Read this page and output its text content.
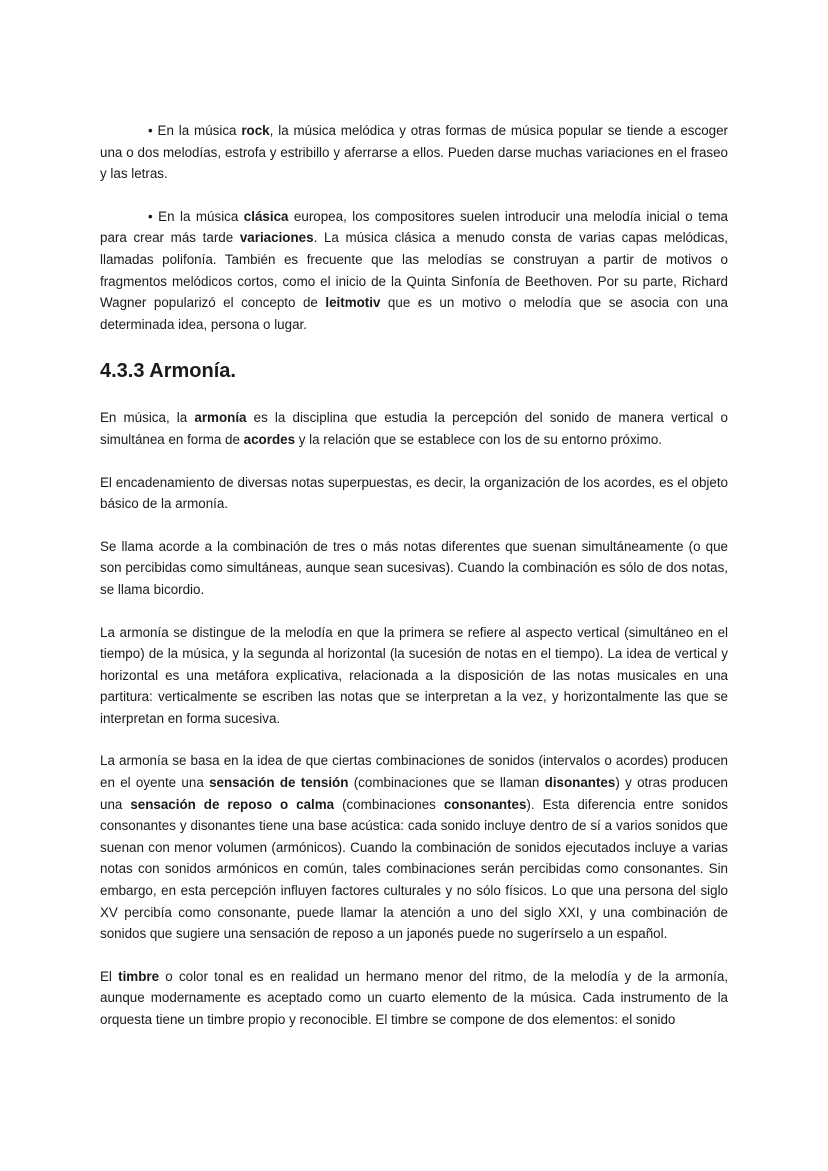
• En la música rock, la música melódica y otras formas de música popular se tiende a escoger una o dos melodías, estrofa y estribillo y aferrarse a ellos. Pueden darse muchas variaciones en el fraseo y las letras.

• En la música clásica europea, los compositores suelen introducir una melodía inicial o tema para crear más tarde variaciones. La música clásica a menudo consta de varias capas melódicas, llamadas polifonía. También es frecuente que las melodías se construyan a partir de motivos o fragmentos melódicos cortos, como el inicio de la Quinta Sinfonía de Beethoven. Por su parte, Richard Wagner popularizó el concepto de leitmotiv que es un motivo o melodía que se asocia con una determinada idea, persona o lugar.

4.3.3 Armonía.

En música, la armonía es la disciplina que estudia la percepción del sonido de manera vertical o simultánea en forma de acordes y la relación que se establece con los de su entorno próximo.

El encadenamiento de diversas notas superpuestas, es decir, la organización de los acordes, es el objeto básico de la armonía.

Se llama acorde a la combinación de tres o más notas diferentes que suenan simultáneamente (o que son percibidas como simultáneas, aunque sean sucesivas). Cuando la combinación es sólo de dos notas, se llama bicordio.

La armonía se distingue de la melodía en que la primera se refiere al aspecto vertical (simultáneo en el tiempo) de la música, y la segunda al horizontal (la sucesión de notas en el tiempo). La idea de vertical y horizontal es una metáfora explicativa, relacionada a la disposición de las notas musicales en una partitura: verticalmente se escriben las notas que se interpretan a la vez, y horizontalmente las que se interpretan en forma sucesiva.

La armonía se basa en la idea de que ciertas combinaciones de sonidos (intervalos o acordes) producen en el oyente una sensación de tensión (combinaciones que se llaman disonantes) y otras producen una sensación de reposo o calma (combinaciones consonantes). Esta diferencia entre sonidos consonantes y disonantes tiene una base acústica: cada sonido incluye dentro de sí a varios sonidos que suenan con menor volumen (armónicos). Cuando la combinación de sonidos ejecutados incluye a varias notas con sonidos armónicos en común, tales combinaciones serán percibidas como consonantes. Sin embargo, en esta percepción influyen factores culturales y no sólo físicos. Lo que una persona del siglo XV percibía como consonante, puede llamar la atención a uno del siglo XXI, y una combinación de sonidos que sugiere una sensación de reposo a un japonés puede no sugerírselo a un español.

El timbre o color tonal es en realidad un hermano menor del ritmo, de la melodía y de la armonía, aunque modernamente es aceptado como un cuarto elemento de la música. Cada instrumento de la orquesta tiene un timbre propio y reconocible. El timbre se compone de dos elementos: el sonido
